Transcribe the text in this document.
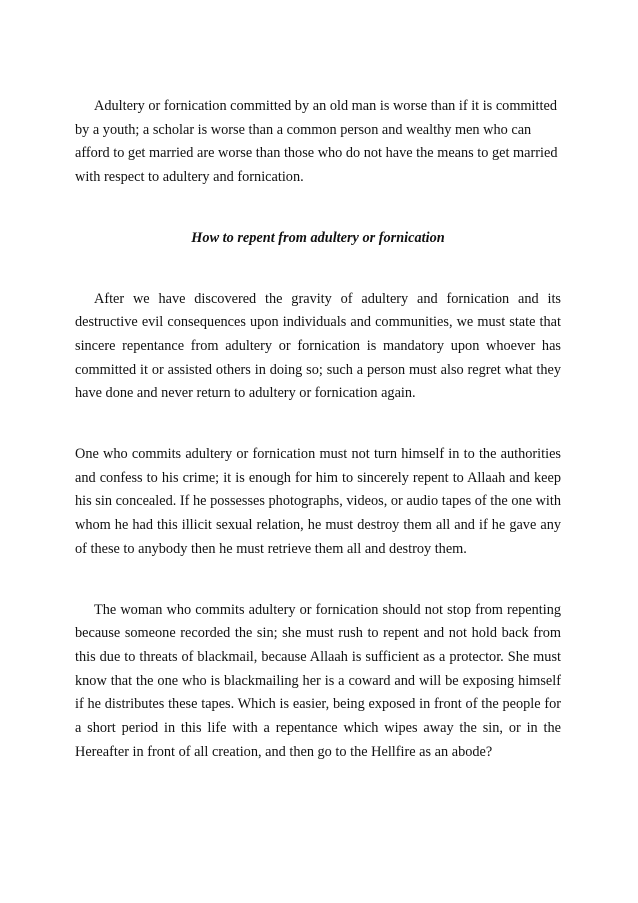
Adultery or fornication committed by an old man is worse than if it is committed by a youth; a scholar is worse than a common person and wealthy men who can afford to get married are worse than those who do not have the means to get married with respect to adultery and fornication.

How to repent from adultery or fornication

After we have discovered the gravity of adultery and fornication and its destructive evil consequences upon individuals and communities, we must state that sincere repentance from adultery or fornication is mandatory upon whoever has committed it or assisted others in doing so; such a person must also regret what they have done and never return to adultery or fornication again.

One who commits adultery or fornication must not turn himself in to the authorities and confess to his crime; it is enough for him to sincerely repent to Allaah and keep his sin concealed. If he possesses photographs, videos, or audio tapes of the one with whom he had this illicit sexual relation, he must destroy them all and if he gave any of these to anybody then he must retrieve them all and destroy them.

The woman who commits adultery or fornication should not stop from repenting because someone recorded the sin; she must rush to repent and not hold back from this due to threats of blackmail, because Allaah is sufficient as a protector. She must know that the one who is blackmailing her is a coward and will be exposing himself if he distributes these tapes. Which is easier, being exposed in front of the people for a short period in this life with a repentance which wipes away the sin, or in the Hereafter in front of all creation, and then go to the Hellfire as an abode?
